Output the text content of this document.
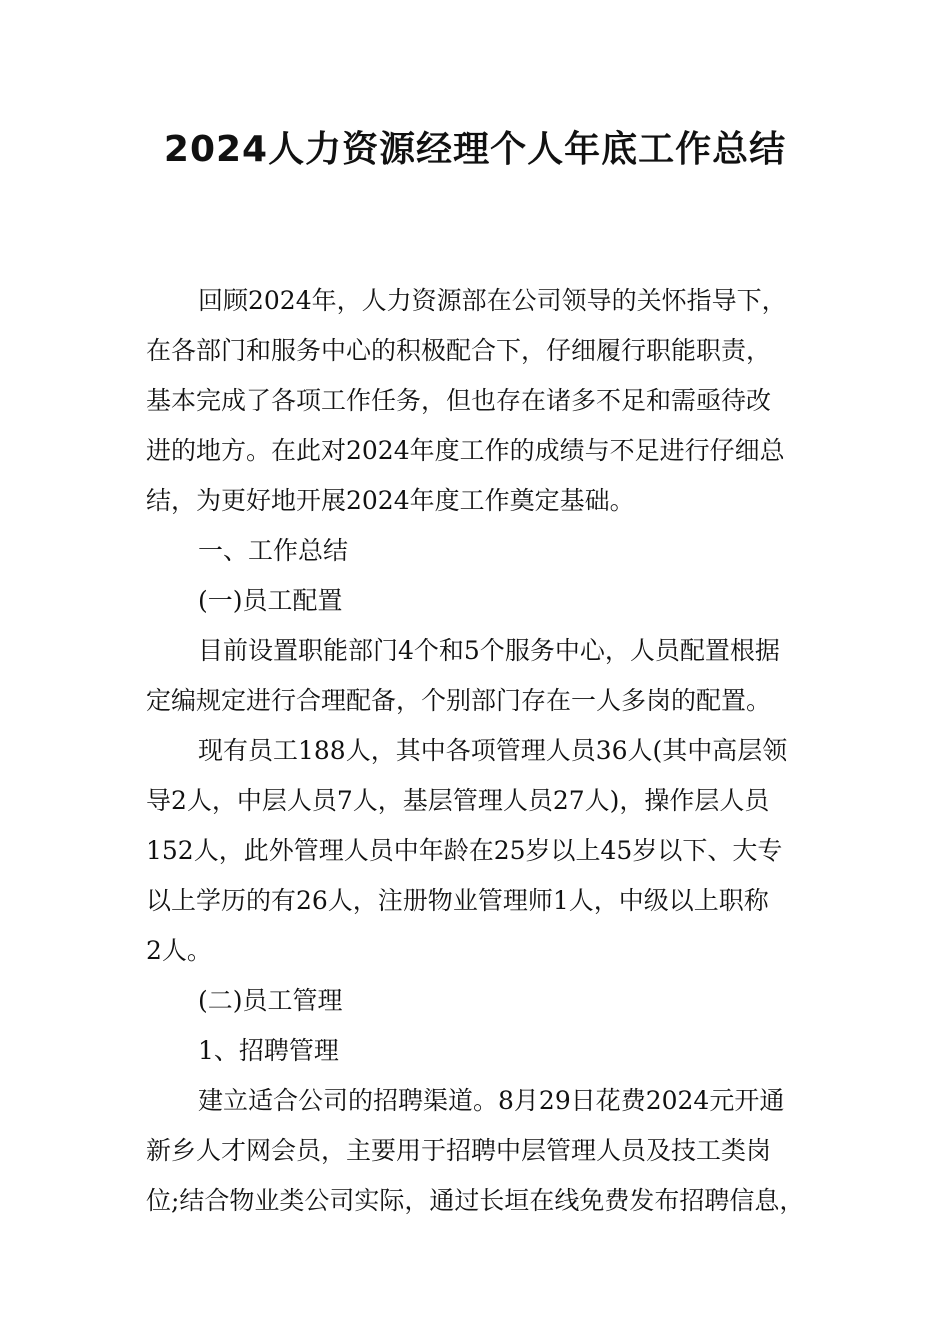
2024人力资源经理个人年底工作总结
回顾2024年，人力资源部在公司领导的关怀指导下，
在各部门和服务中心的积极配合下，仔细履行职能职责，
基本完成了各项工作任务，但也存在诸多不足和需亟待改
进的地方。在此对2024年度工作的成绩与不足进行仔细总
结，为更好地开展2024年度工作奠定基础。
一、工作总结
(一)员工配置
目前设置职能部门4个和5个服务中心，人员配置根据
定编规定进行合理配备，个别部门存在一人多岗的配置。
现有员工188人，其中各项管理人员36人(其中高层领
导2人，中层人员7人，基层管理人员27人)，操作层人员
152人，此外管理人员中年龄在25岁以上45岁以下、大专
以上学历的有26人，注册物业管理师1人，中级以上职称
2人。
(二)员工管理
1、招聘管理
建立适合公司的招聘渠道。8月29日花费2024元开通
新乡人才网会员，主要用于招聘中层管理人员及技工类岗
位;结合物业类公司实际，通过长垣在线免费发布招聘信息，
